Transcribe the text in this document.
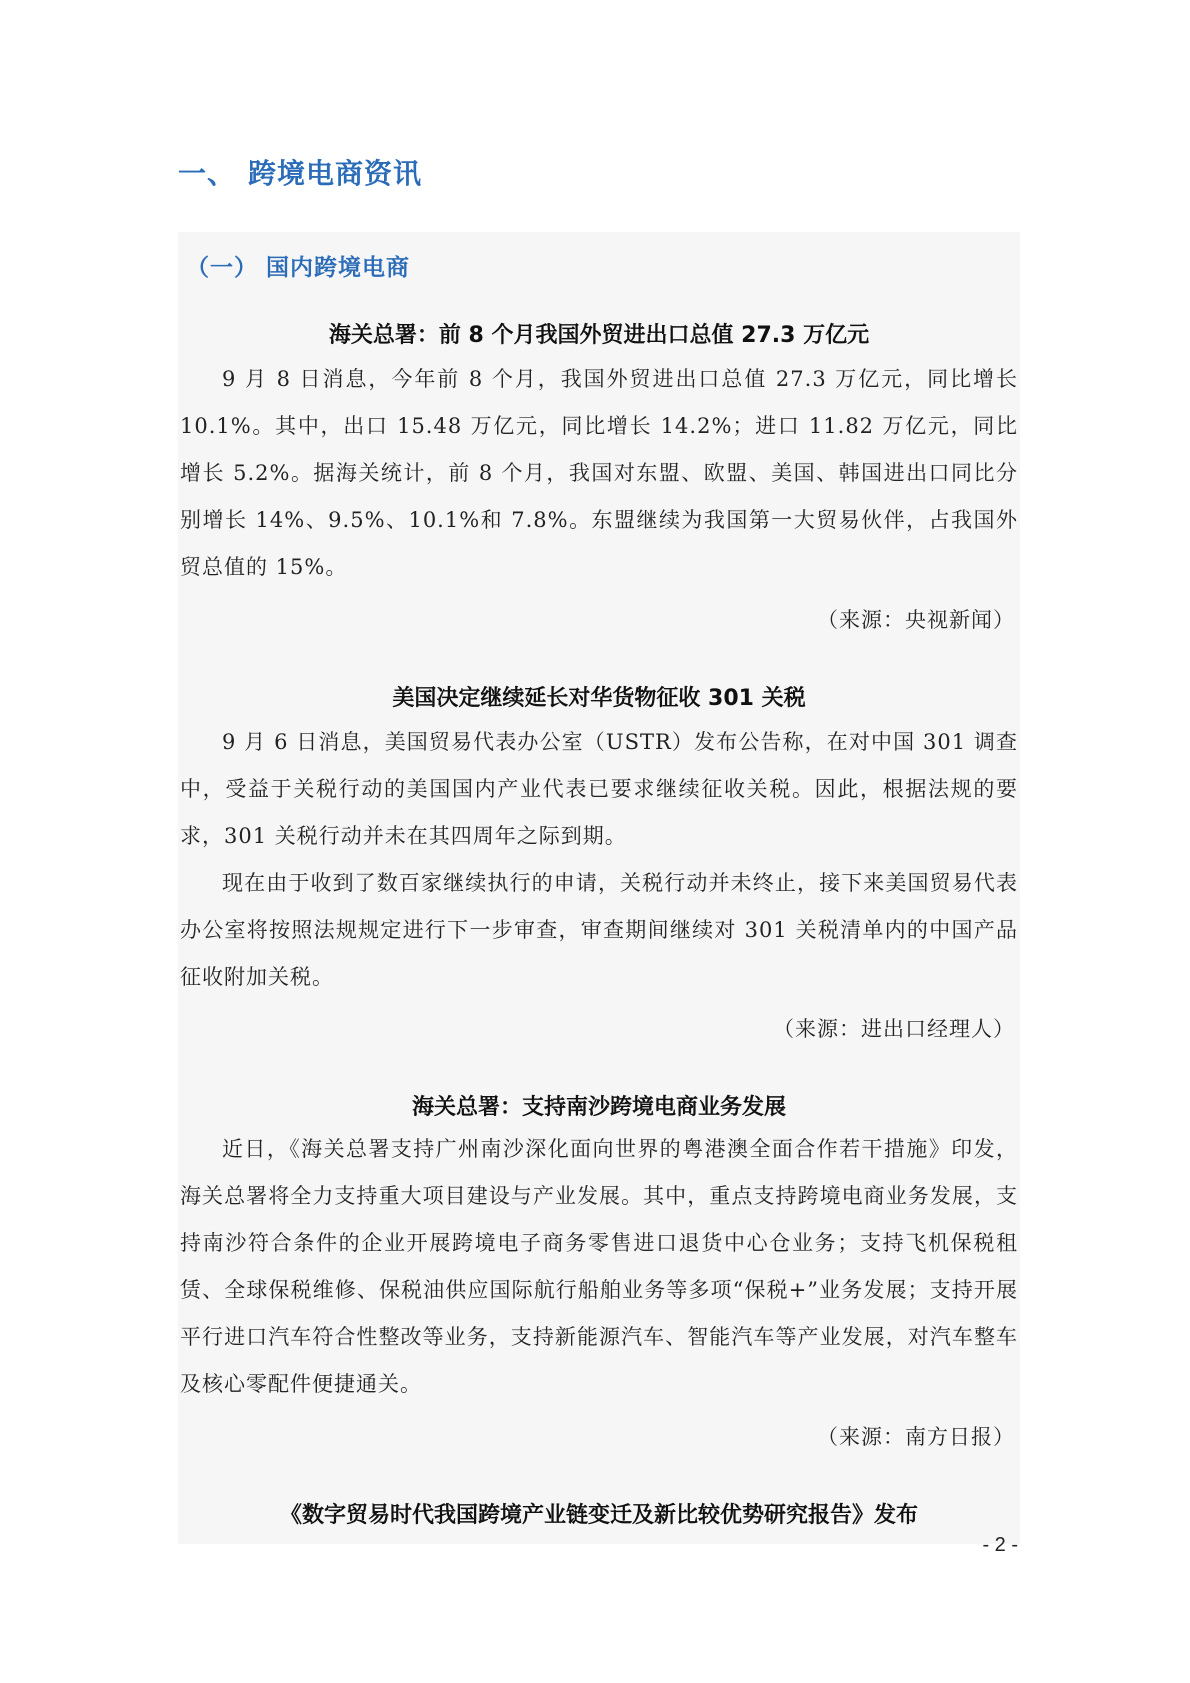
一、 跨境电商资讯
（一） 国内跨境电商
海关总署：前 8 个月我国外贸进出口总值 27.3 万亿元

9 月 8 日消息，今年前 8 个月，我国外贸进出口总值 27.3 万亿元，同比增长 10.1%。其中，出口 15.48 万亿元，同比增长 14.2%；进口 11.82 万亿元，同比增长 5.2%。据海关统计，前 8 个月，我国对东盟、欧盟、美国、韩国进出口同比分别增长 14%、9.5%、10.1%和 7.8%。东盟继续为我国第一大贸易伙伴，占我国外贸总值的 15%。

（来源：央视新闻）

美国决定继续延长对华货物征收 301 关税

9 月 6 日消息，美国贸易代表办公室（USTR）发布公告称，在对中国 301 调查中，受益于关税行动的美国国内产业代表已要求继续征收关税。因此，根据法规的要求，301 关税行动并未在其四周年之际到期。

现在由于收到了数百家继续执行的申请，关税行动并未终止，接下来美国贸易代表办公室将按照法规规定进行下一步审查，审查期间继续对 301 关税清单内的中国产品征收附加关税。

（来源：进出口经理人）

海关总署：支持南沙跨境电商业务发展

近日，《海关总署支持广州南沙深化面向世界的粤港澳全面合作若干措施》印发，海关总署将全力支持重大项目建设与产业发展。其中，重点支持跨境电商业务发展，支持南沙符合条件的企业开展跨境电子商务零售进口退货中心仓业务；支持飞机保税租赁、全球保税维修、保税油供应国际航行船舶业务等多项“保税+”业务发展；支持开展平行进口汽车符合性整改等业务，支持新能源汽车、智能汽车等产业发展，对汽车整车及核心零配件便捷通关。

（来源：南方日报）

《数字贸易时代我国跨境产业链变迁及新比较优势研究报告》发布

- 2 -
